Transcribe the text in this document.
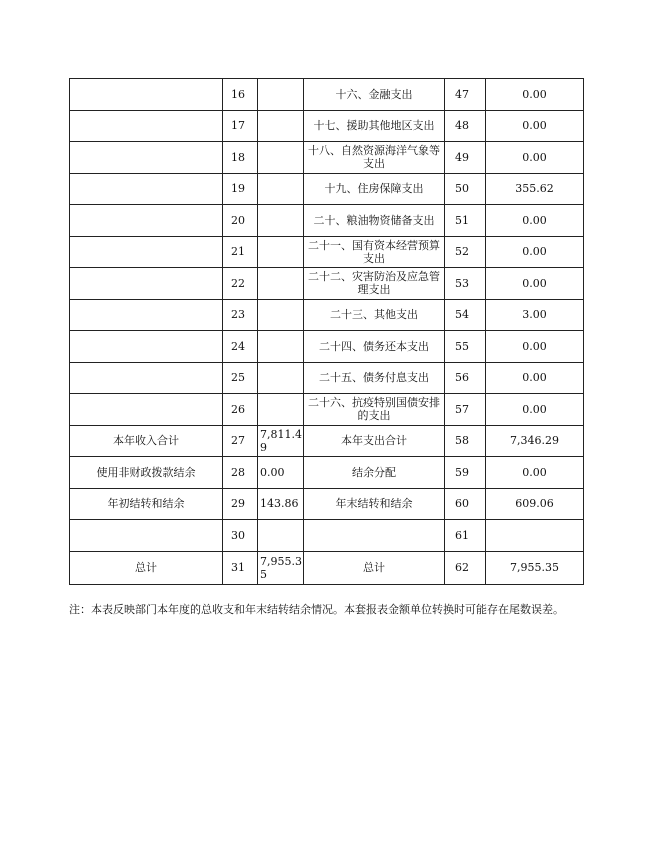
	16		十六、金融支出	47	0.00
	17		十七、援助其他地区支出	48	0.00
	18		十八、自然资源海洋气象等支出	49	0.00
	19		十九、住房保障支出	50	355.62
	20		二十、粮油物资储备支出	51	0.00
	21		二十一、国有资本经营预算支出	52	0.00
	22		二十二、灾害防治及应急管理支出	53	0.00
	23		二十三、其他支出	54	3.00
	24		二十四、债务还本支出	55	0.00
	25		二十五、债务付息支出	56	0.00
	26		二十六、抗疫特别国债安排的支出	57	0.00
本年收入合计	27	7,811.49	本年支出合计	58	7,346.29
使用非财政拨款结余	28	0.00	结余分配	59	0.00
年初结转和结余	29	143.86	年末结转和结余	60	609.06
	30			61	
总计	31	7,955.35	总计	62	7,955.35
注：本表反映部门本年度的总收支和年末结转结余情况。本套报表金额单位转换时可能存在尾数误差。
